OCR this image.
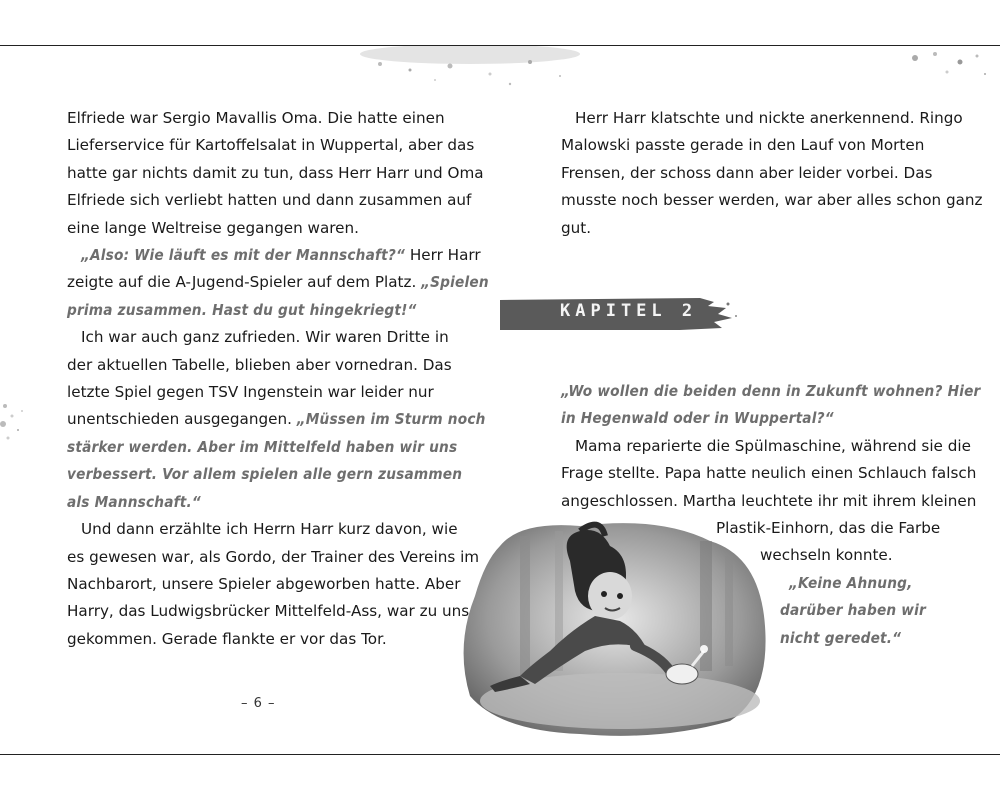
Elfriede war Sergio Mavallis Oma. Die hatte einen
Lieferservice für Kartoffelsalat in Wuppertal, aber das
hatte gar nichts damit zu tun, dass Herr Harr und Oma
Elfriede sich verliebt hatten und dann zusammen auf
eine lange Weltreise gegangen waren.
„Also: Wie läuft es mit der Mannschaft?“ Herr Harr
zeigte auf die A-Jugend-Spieler auf dem Platz. „Spielen
prima zusammen. Hast du gut hingekriegt!“
Ich war auch ganz zufrieden. Wir waren Dritte in
der aktuellen Tabelle, blieben aber vornedran. Das
letzte Spiel gegen TSV Ingenstein war leider nur
unentschieden ausgegangen. „Müssen im Sturm noch
stärker werden. Aber im Mittelfeld haben wir uns
verbessert. Vor allem spielen alle gern zusammen
als Mannschaft.“
Und dann erzählte ich Herrn Harr kurz davon, wie
es gewesen war, als Gordo, der Trainer des Vereins im
Nachbarort, unsere Spieler abgeworben hatte. Aber
Harry, das Ludwigsbrücker Mittelfeld-Ass, war zu uns
gekommen. Gerade flankte er vor das Tor.
– 6 –
Herr Harr klatschte und nickte anerkennend. Ringo
Malowski passte gerade in den Lauf von Morten
Frensen, der schoss dann aber leider vorbei. Das
musste noch besser werden, war aber alles schon ganz
gut.
KAPITEL 2
„Wo wollen die beiden denn in Zukunft wohnen? Hier
in Hegenwald oder in Wuppertal?“
Mama reparierte die Spülmaschine, während sie die
Frage stellte. Papa hatte neulich einen Schlauch falsch
angeschlossen. Martha leuchtete ihr mit ihrem kleinen
Plastik-Einhorn, das die Farbe
wechseln konnte.
„Keine Ahnung,
darüber haben wir
nicht geredet.“
